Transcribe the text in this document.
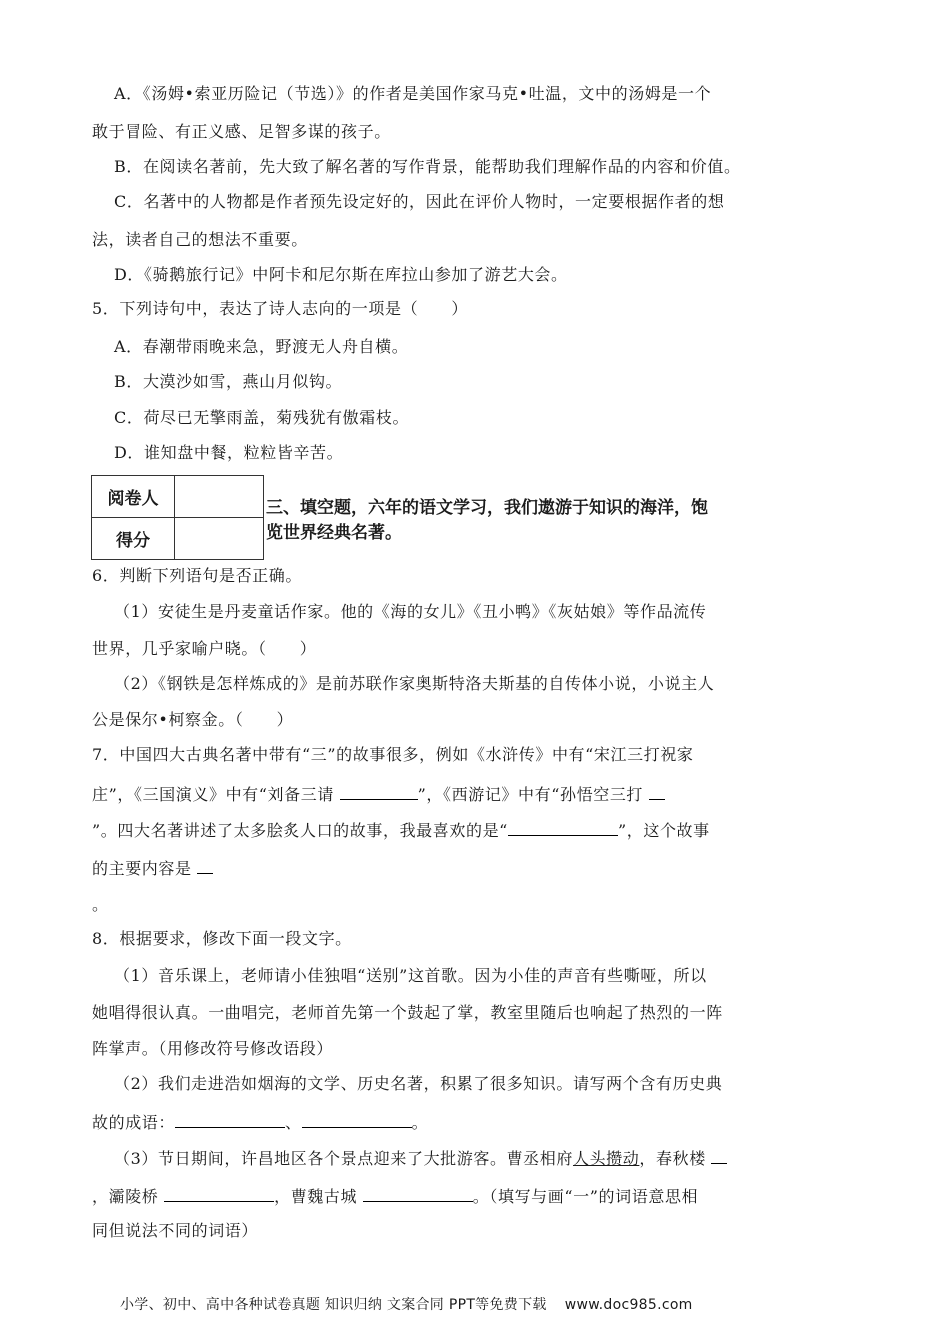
A．《汤姆•索亚历险记（节选）》的作者是美国作家马克•吐温，文中的汤姆是一个
敢于冒险、有正义感、足智多谋的孩子。
B．在阅读名著前，先大致了解名著的写作背景，能帮助我们理解作品的内容和价值。
C．名著中的人物都是作者预先设定好的，因此在评价人物时，一定要根据作者的想
法，读者自己的想法不重要。
D．《骑鹅旅行记》中阿卡和尼尔斯在库拉山参加了游艺大会。
5．下列诗句中，表达了诗人志向的一项是（　　）
A．春潮带雨晚来急，野渡无人舟自横。
B．大漠沙如雪，燕山月似钩。
C．荷尽已无擎雨盖，菊残犹有傲霜枝。
D．谁知盘中餐，粒粒皆辛苦。
阅卷人	
得分	
三、填空题，六年的语文学习，我们遨游于知识的海洋，饱
览世界经典名著。
6．判断下列语句是否正确。
（1）安徒生是丹麦童话作家。他的《海的女儿》《丑小鸭》《灰姑娘》等作品流传
世界，几乎家喻户晓。（　　）
（2）《钢铁是怎样炼成的》是前苏联作家奥斯特洛夫斯基的自传体小说，小说主人
公是保尔•柯察金。（　　）
7．中国四大古典名著中带有“三”的故事很多，例如《水浒传》中有“宋江三打祝家
庄”，《三国演义》中有“刘备三请	”，《西游记》中有“孙悟空三打
”。四大名著讲述了太多脍炙人口的故事，我最喜欢的是“	”，这个故事
的主要内容是
。
8．根据要求，修改下面一段文字。
（1）音乐课上，老师请小佳独唱“送别”这首歌。因为小佳的声音有些嘶哑，所以
她唱得很认真。一曲唱完，老师首先第一个鼓起了掌，教室里随后也响起了热烈的一阵
阵掌声。（用修改符号修改语段）
（2）我们走进浩如烟海的文学、历史名著，积累了很多知识。请写两个含有历史典
故的成语：	、	。
（3）节日期间，许昌地区各个景点迎来了大批游客。曹丞相府人头攒动，春秋楼
，灞陵桥	，曹魏古城	。（填写与画“一”的词语意思相
同但说法不同的词语）
小学、初中、高中各种试卷真题 知识归纳 文案合同 PPT等免费下载 www.doc985.com
